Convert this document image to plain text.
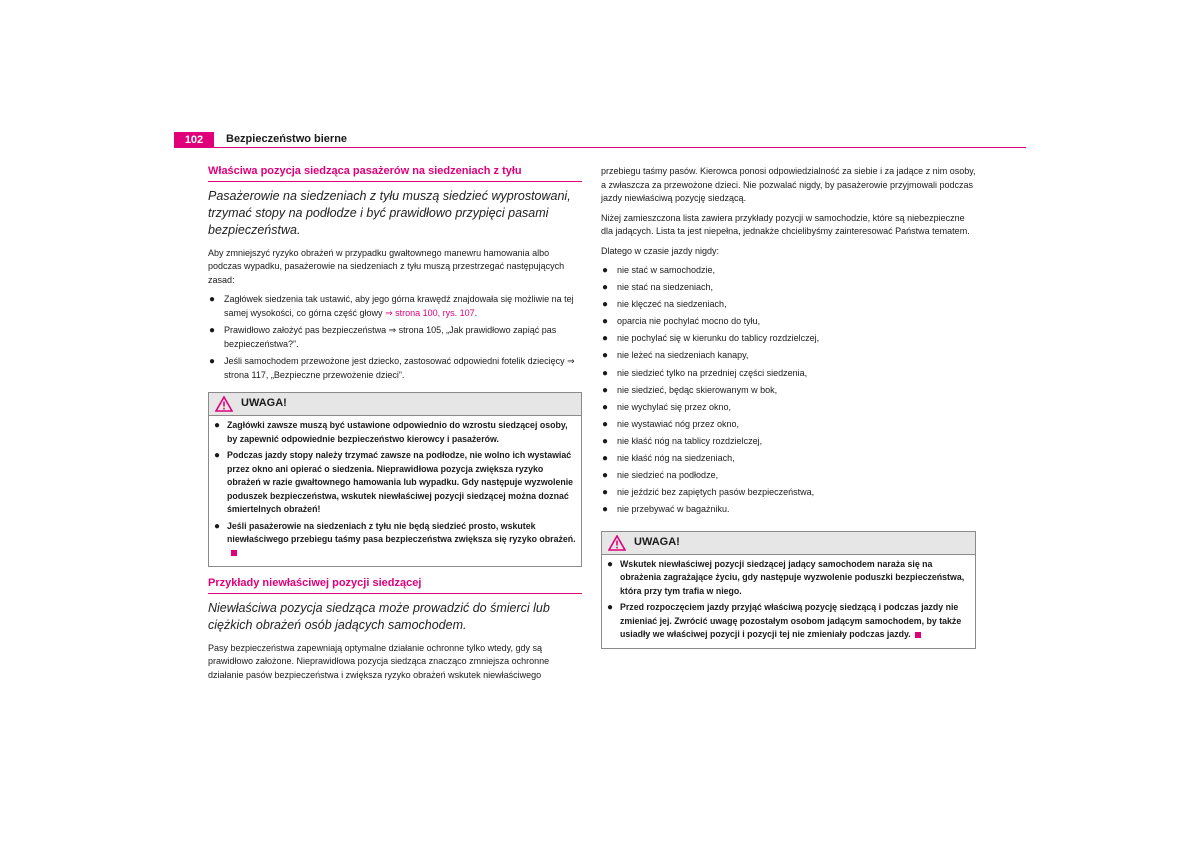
102	Bezpieczeństwo bierne
Właściwa pozycja siedząca pasażerów na siedzeniach z tyłu
Pasażerowie na siedzeniach z tyłu muszą siedzieć wyprostowani, trzymać stopy na podłodze i być prawidłowo przypięci pasami bezpieczeństwa.

Aby zmniejszyć ryzyko obrażeń w przypadku gwałtownego manewru hamowania albo podczas wypadku, pasażerowie na siedzeniach z tyłu muszą przestrzegać następujących zasad:

● Zagłówek siedzenia tak ustawić, aby jego górna krawędź znajdowała się możliwie na tej samej wysokości, co górna część głowy ⇒ strona 100, rys. 107.
● Prawidłowo założyć pas bezpieczeństwa ⇒ strona 105, „Jak prawidłowo zapiąć pas bezpieczeństwa?”.
● Jeśli samochodem przewożone jest dziecko, zastosować odpowiedni fotelik dziecięcy ⇒ strona 117, „Bezpieczne przewożenie dzieci”.
UWAGA!
● Zagłówki zawsze muszą być ustawione odpowiednio do wzrostu siedzącej osoby, by zapewnić odpowiednie bezpieczeństwo kierowcy i pasażerów.
● Podczas jazdy stopy należy trzymać zawsze na podłodze, nie wolno ich wystawiać przez okno ani opierać o siedzenia. Nieprawidłowa pozycja zwiększa ryzyko obrażeń w razie gwałtownego hamowania lub wypadku. Gdy następuje wyzwolenie poduszek bezpieczeństwa, wskutek niewłaściwej pozycji siedzącej można doznać śmiertelnych obrażeń!
● Jeśli pasażerowie na siedzeniach z tyłu nie będą siedzieć prosto, wskutek niewłaściwego przebiegu taśmy pasa bezpieczeństwa zwiększa się ryzyko obrażeń.
Przykłady niewłaściwej pozycji siedzącej
Niewłaściwa pozycja siedząca może prowadzić do śmierci lub ciężkich obrażeń osób jadących samochodem.

Pasy bezpieczeństwa zapewniają optymalne działanie ochronne tylko wtedy, gdy są prawidłowo założone. Nieprawidłowa pozycja siedząca znacząco zmniejsza ochronne działanie pasów bezpieczeństwa i zwiększa ryzyko obrażeń wskutek niewłaściwego

przebiegu taśmy pasów. Kierowca ponosi odpowiedzialność za siebie i za jadące z nim osoby, a zwłaszcza za przewożone dzieci. Nie pozwalać nigdy, by pasażerowie przyjmowali podczas jazdy niewłaściwą pozycję siedzącą.

Niżej zamieszczona lista zawiera przykłady pozycji w samochodzie, które są niebezpieczne dla jadących. Lista ta jest niepełna, jednakże chcielibyśmy zainteresować Państwa tematem.

Dlatego w czasie jazdy nigdy:

● nie stać w samochodzie,
● nie stać na siedzeniach,
● nie klęczeć na siedzeniach,
● oparcia nie pochylać mocno do tyłu,
● nie pochylać się w kierunku do tablicy rozdzielczej,
● nie leżeć na siedzeniach kanapy,
● nie siedzieć tylko na przedniej części siedzenia,
● nie siedzieć, będąc skierowanym w bok,
● nie wychylać się przez okno,
● nie wystawiać nóg przez okno,
● nie kłaść nóg na tablicy rozdzielczej,
● nie kłaść nóg na siedzeniach,
● nie siedzieć na podłodze,
● nie jeździć bez zapiętych pasów bezpieczeństwa,
● nie przebywać w bagażniku.
UWAGA!
● Wskutek niewłaściwej pozycji siedzącej jadący samochodem naraża się na obrażenia zagrażające życiu, gdy następuje wyzwolenie poduszki bezpieczeństwa, która przy tym trafia w niego.
● Przed rozpoczęciem jazdy przyjąć właściwą pozycję siedzącą i podczas jazdy nie zmieniać jej. Zwrócić uwagę pozostałym osobom jadącym samochodem, by także usiadły we właściwej pozycji i pozycji tej nie zmieniały podczas jazdy.
